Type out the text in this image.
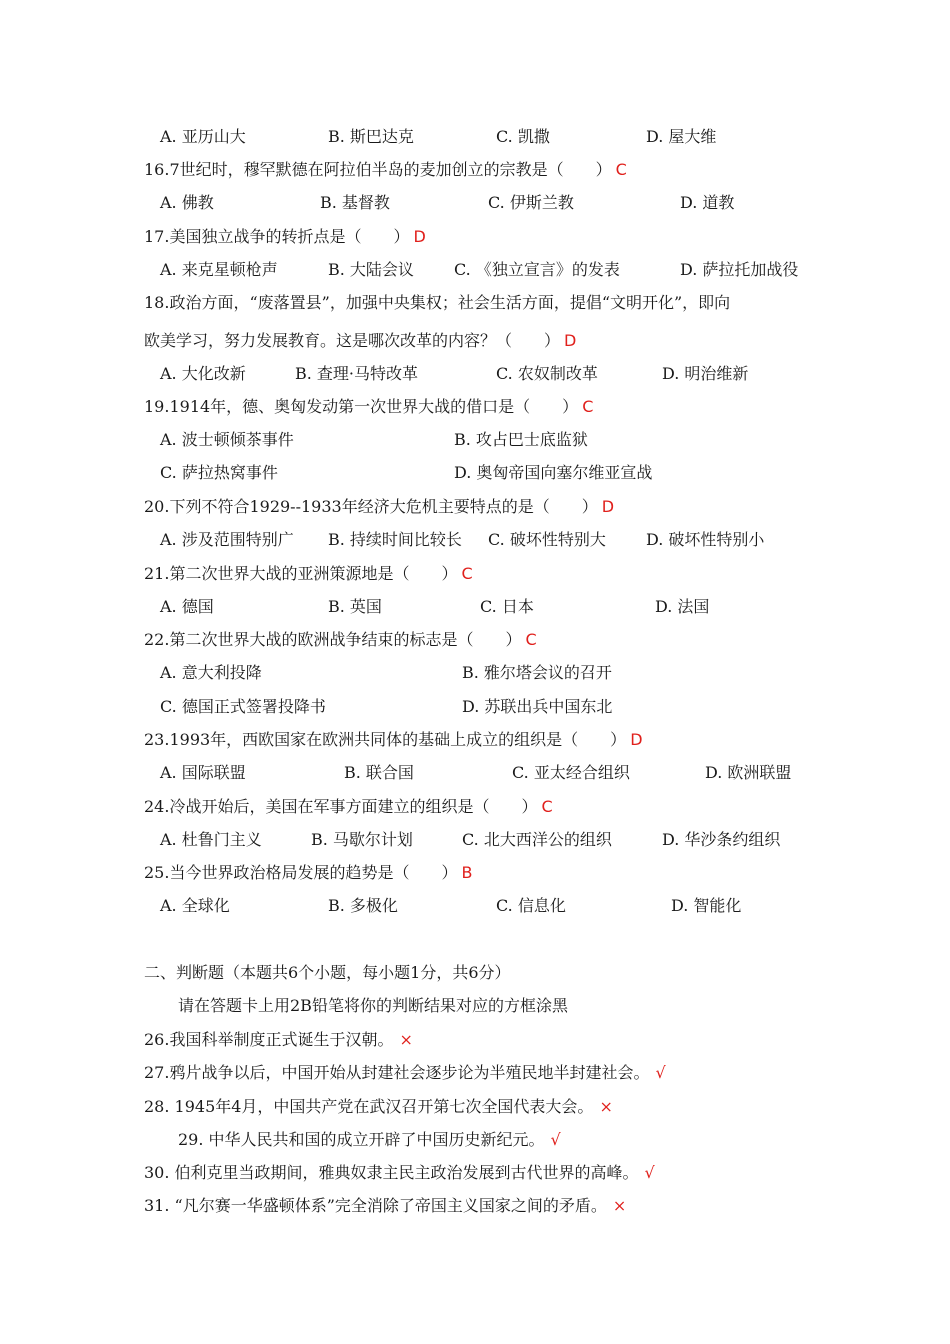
A. 亚历山大	B. 斯巴达克	C. 凯撒	D. 屋大维
16.7世纪时，穆罕默德在阿拉伯半岛的麦加创立的宗教是（　　） C
A. 佛教	B. 基督教	C. 伊斯兰教	D. 道教
17.美国独立战争的转折点是（　　） D
A. 来克星顿枪声	B. 大陆会议	C. 《独立宣言》的发表	D. 萨拉托加战役
18.政治方面，“废落置县”，加强中央集权；社会生活方面，提倡“文明开化”，即向
欧美学习，努力发展教育。这是哪次改革的内容？（　　） D
A. 大化改新	B. 查理·马特改革	C. 农奴制改革	D. 明治维新
19.1914年，德、奥匈发动第一次世界大战的借口是（　　） C
A. 波士顿倾茶事件	B. 攻占巴士底监狱
C. 萨拉热窝事件	D. 奥匈帝国向塞尔维亚宣战
20.下列不符合1929--1933年经济大危机主要特点的是（　　） D
A. 涉及范围特别广 B. 持续时间比较长 C. 破坏性特别大	D. 破坏性特别小
21.第二次世界大战的亚洲策源地是（　　） C
A. 德国	B. 英国	C. 日本	D. 法国
22.第二次世界大战的欧洲战争结束的标志是（　　） C
A. 意大利投降	B. 雅尔塔会议的召开
C. 德国正式签署投降书	D. 苏联出兵中国东北
23.1993年，西欧国家在欧洲共同体的基础上成立的组织是（　　） D
A. 国际联盟	B. 联合国	C. 亚太经合组织	D. 欧洲联盟
24.冷战开始后，美国在军事方面建立的组织是（　　） C
A. 杜鲁门主义	B. 马歇尔计划	C. 北大西洋公的组织	D. 华沙条约组织
25.当今世界政治格局发展的趋势是（　　） B
A. 全球化	B. 多极化	C. 信息化	D. 智能化
二、判断题（本题共6个小题，每小题1分，共6分）
请在答题卡上用2B铅笔将你的判断结果对应的方框涂黑
26.我国科举制度正式诞生于汉朝。 ×
27.鸦片战争以后，中国开始从封建社会逐步论为半殖民地半封建社会。 √
28. 1945年4月，中国共产党在武汉召开第七次全国代表大会。 ×
29. 中华人民共和国的成立开辟了中国历史新纪元。 √
30. 伯利克里当政期间，雅典奴隶主民主政治发展到古代世界的高峰。 √
31. “凡尔赛一华盛顿体系”完全消除了帝国主义国家之间的矛盾。 ×
